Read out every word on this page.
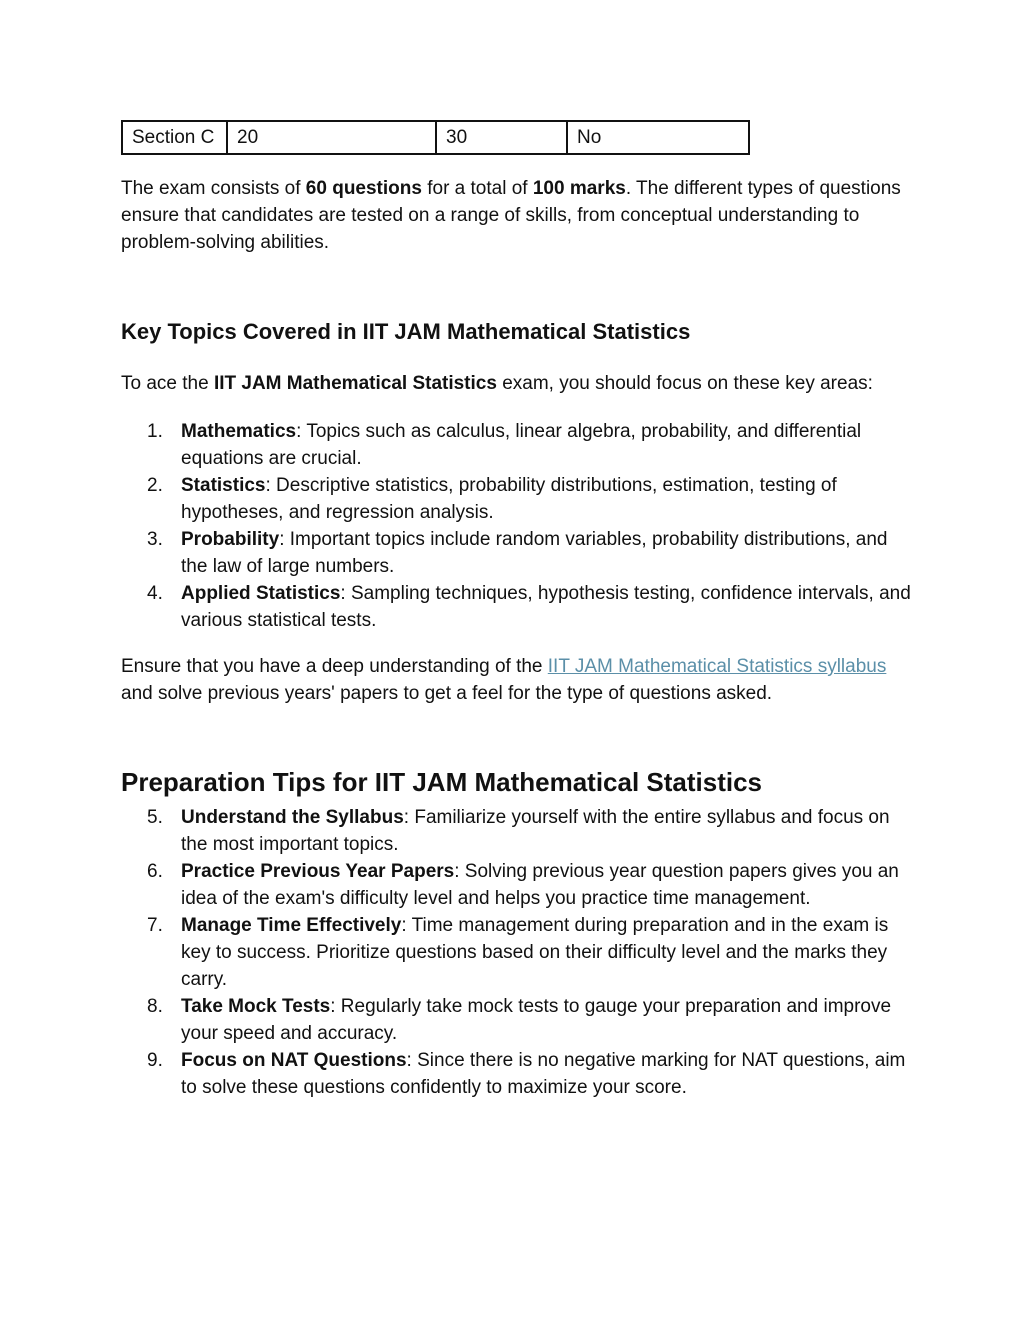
Section C	20	30	No

The exam consists of 60 questions for a total of 100 marks. The different types of questions ensure that candidates are tested on a range of skills, from conceptual understanding to problem-solving abilities.

Key Topics Covered in IIT JAM Mathematical Statistics

To ace the IIT JAM Mathematical Statistics exam, you should focus on these key areas:

1. Mathematics: Topics such as calculus, linear algebra, probability, and differential equations are crucial.
2. Statistics: Descriptive statistics, probability distributions, estimation, testing of hypotheses, and regression analysis.
3. Probability: Important topics include random variables, probability distributions, and the law of large numbers.
4. Applied Statistics: Sampling techniques, hypothesis testing, confidence intervals, and various statistical tests.

Ensure that you have a deep understanding of the IIT JAM Mathematical Statistics syllabus and solve previous years' papers to get a feel for the type of questions asked.

Preparation Tips for IIT JAM Mathematical Statistics
5. Understand the Syllabus: Familiarize yourself with the entire syllabus and focus on the most important topics.
6. Practice Previous Year Papers: Solving previous year question papers gives you an idea of the exam's difficulty level and helps you practice time management.
7. Manage Time Effectively: Time management during preparation and in the exam is key to success. Prioritize questions based on their difficulty level and the marks they carry.
8. Take Mock Tests: Regularly take mock tests to gauge your preparation and improve your speed and accuracy.
9. Focus on NAT Questions: Since there is no negative marking for NAT questions, aim to solve these questions confidently to maximize your score.
